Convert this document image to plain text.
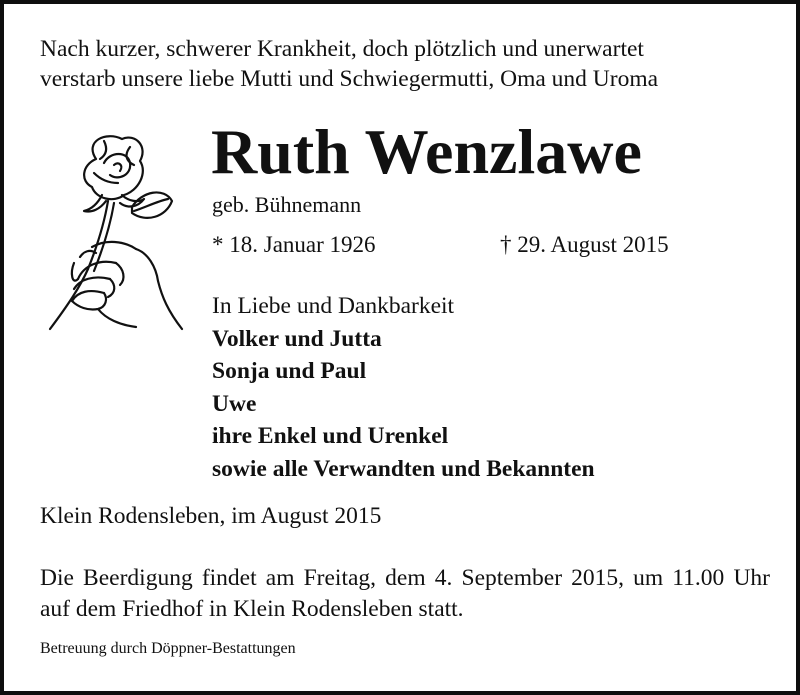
Nach kurzer, schwerer Krankheit, doch plötzlich und unerwartet
verstarb unsere liebe Mutti und Schwiegermutti, Oma und Uroma
Ruth Wenzlawe
geb. Bühnemann
* 18. Januar 1926	† 29. August 2015
In Liebe und Dankbarkeit
Volker und Jutta
Sonja und Paul
Uwe
ihre Enkel und Urenkel
sowie alle Verwandten und Bekannten
Klein Rodensleben, im August 2015
Die Beerdigung findet am Freitag, dem 4. September 2015, um 11.00 Uhr auf dem Friedhof in Klein Rodensleben statt.
Betreuung durch Döppner-Bestattungen
